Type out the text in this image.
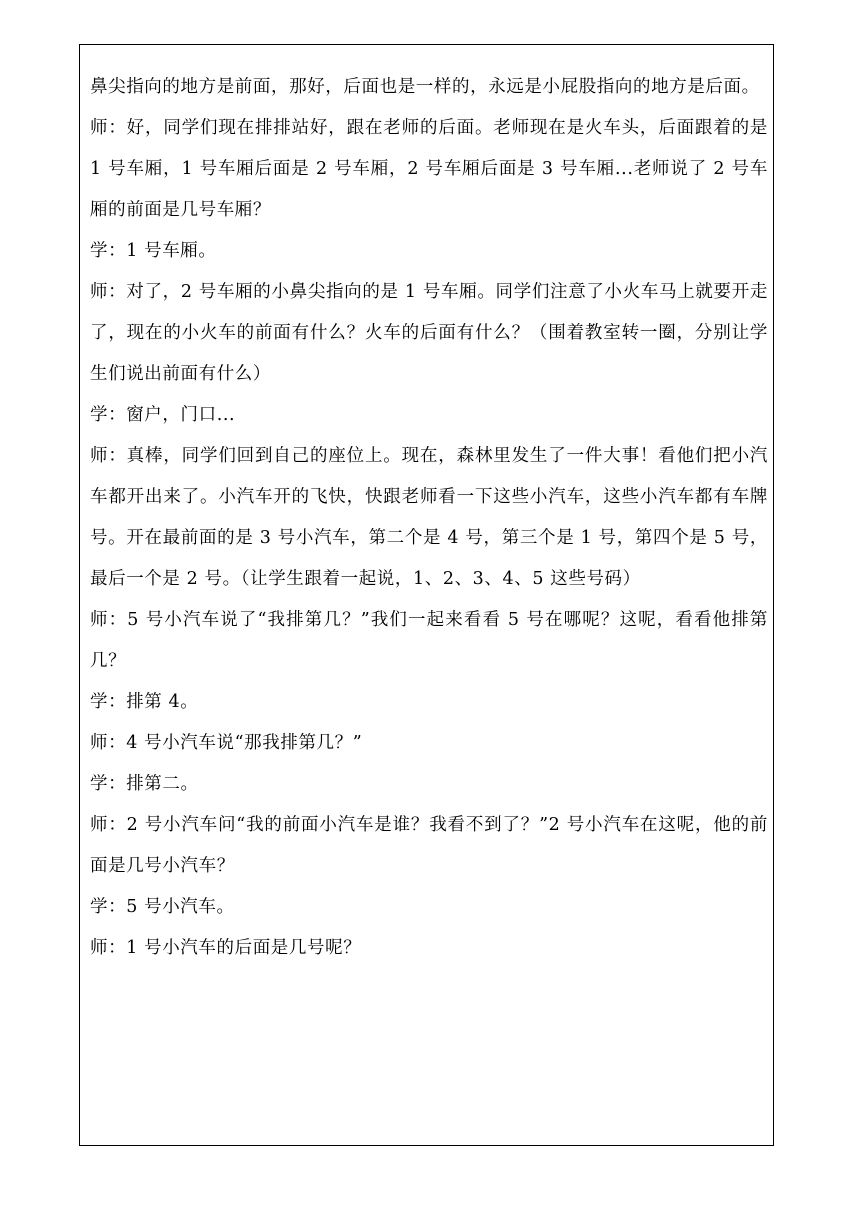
鼻尖指向的地方是前面，那好，后面也是一样的，永远是小屁股指向的地方是后面。

师：好，同学们现在排排站好，跟在老师的后面。老师现在是火车头，后面跟着的是 1 号车厢，1 号车厢后面是 2 号车厢，2 号车厢后面是 3 号车厢...老师说了 2 号车厢的前面是几号车厢？

学：1 号车厢。

师：对了，2 号车厢的小鼻尖指向的是 1 号车厢。同学们注意了小火车马上就要开走了，现在的小火车的前面有什么？火车的后面有什么？（围着教室转一圈，分别让学生们说出前面有什么）

学：窗户，门口...

师：真棒，同学们回到自己的座位上。现在，森林里发生了一件大事！看他们把小汽车都开出来了。小汽车开的飞快，快跟老师看一下这些小汽车，这些小汽车都有车牌号。开在最前面的是 3 号小汽车，第二个是 4 号，第三个是 1 号，第四个是 5 号，最后一个是 2 号。（让学生跟着一起说，1、2、3、4、5 这些号码）

师：5 号小汽车说了“我排第几？”我们一起来看看 5 号在哪呢？这呢，看看他排第几？

学：排第 4。

师：4 号小汽车说“那我排第几？”

学：排第二。

师：2 号小汽车问“我的前面小汽车是谁？我看不到了？”2 号小汽车在这呢，他的前面是几号小汽车？

学：5 号小汽车。

师：1 号小汽车的后面是几号呢？
